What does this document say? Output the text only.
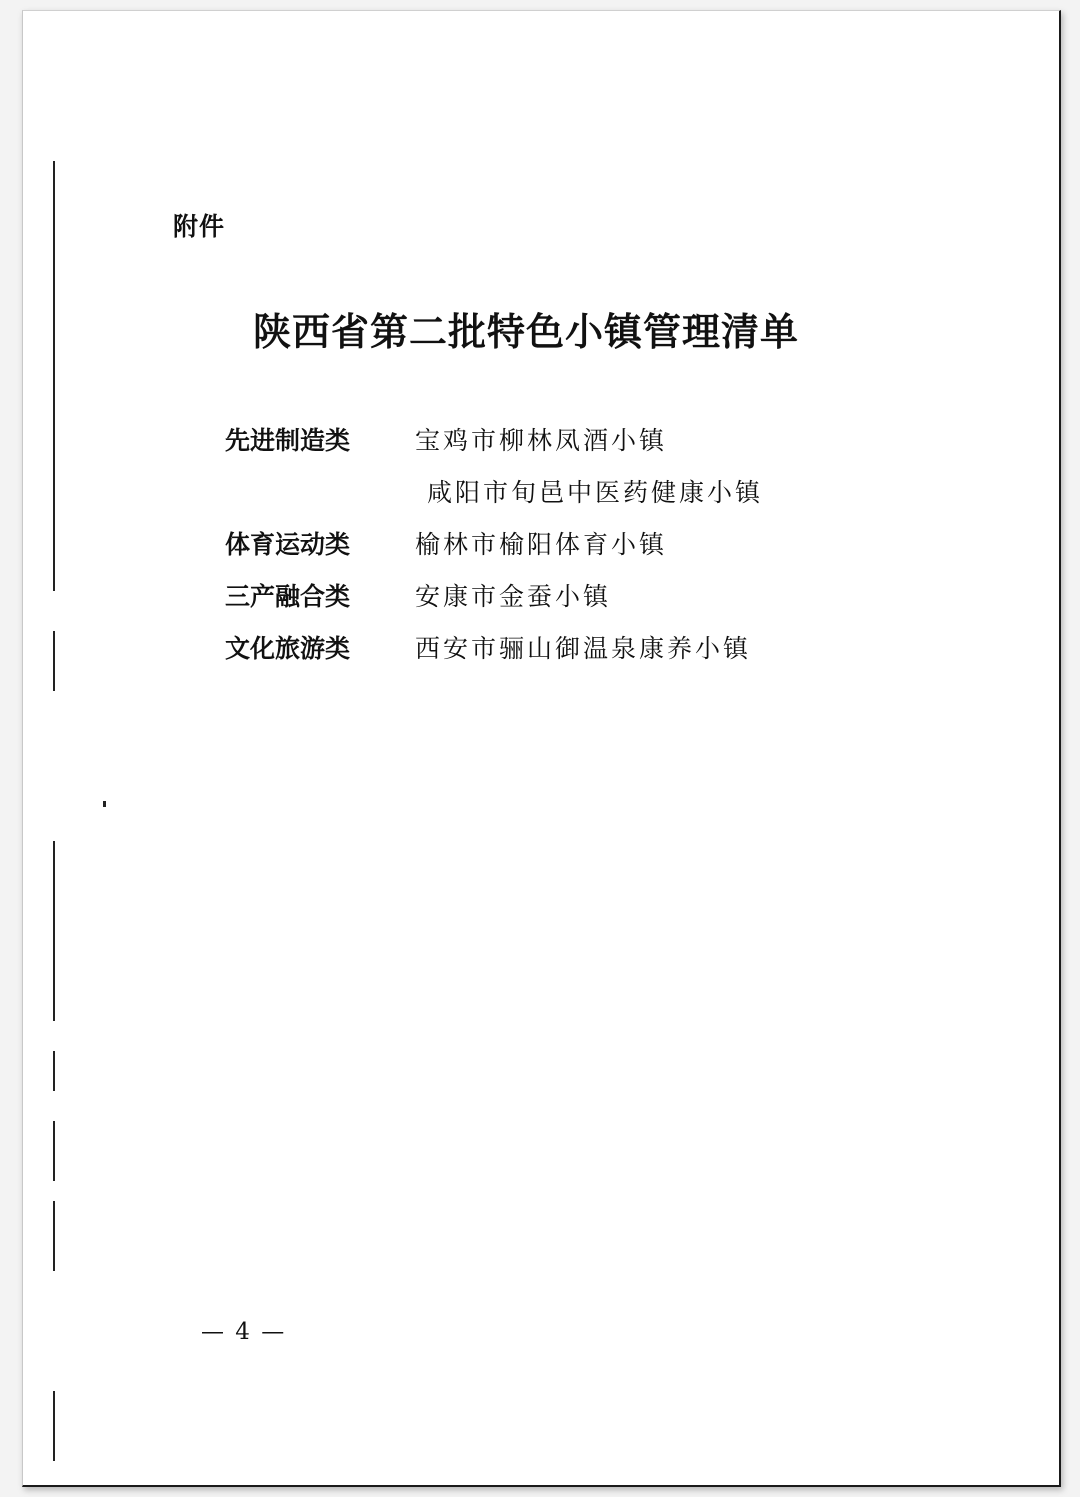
附件
陕西省第二批特色小镇管理清单
先进制造类	宝鸡市柳林凤酒小镇
咸阳市旬邑中医药健康小镇
体育运动类	榆林市榆阳体育小镇
三产融合类	安康市金蚕小镇
文化旅游类	西安市骊山御温泉康养小镇
— 4 —
